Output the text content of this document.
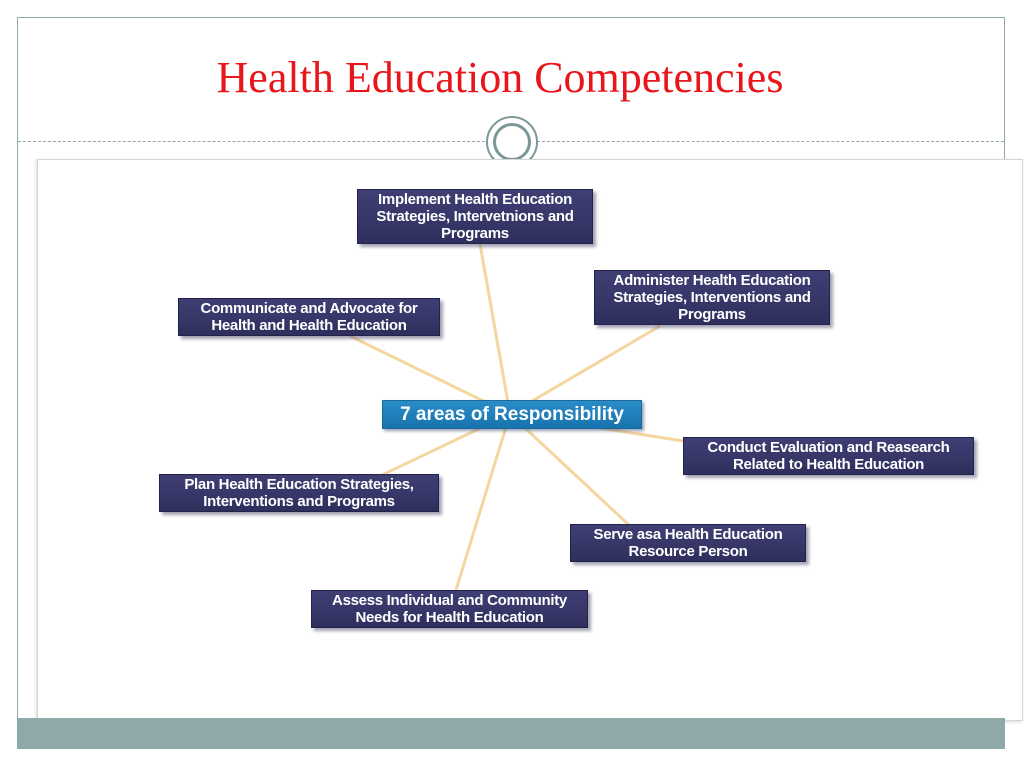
Health Education Competencies
Implement Health Education Strategies, Intervetnions and Programs
Administer Health Education Strategies, Interventions and Programs
Communicate and Advocate for Health and Health Education
7 areas of Responsibility
Conduct Evaluation and Reasearch Related to Health Education
Plan Health Education Strategies, Interventions and Programs
Serve asa Health Education Resource Person
Assess Individual and Community Needs for Health Education
